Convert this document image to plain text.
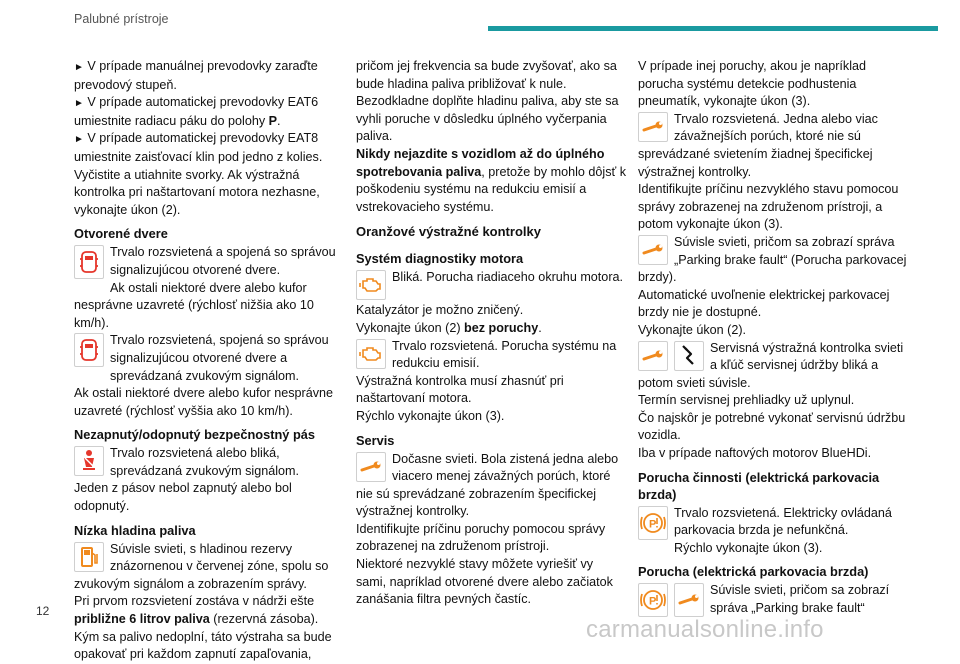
Palubné prístroje

► V prípade manuálnej prevodovky zaraďte prevodový stupeň.

► V prípade automatickej prevodovky EAT6 umiestnite radiacu páku do polohy P.

► V prípade automatickej prevodovky EAT8 umiestnite zaisťovací klin pod jedno z kolies.

Vyčistite a utiahnite svorky. Ak výstražná kontrolka pri naštartovaní motora nezhasne, vykonajte úkon (2).

Otvorené dvere

Trvalo rozsvietená a spojená so správou signalizujúcou otvorené dvere.

Ak ostali niektoré dvere alebo kufor nesprávne uzavreté (rýchlosť nižšia ako 10 km/h).

Trvalo rozsvietená, spojená so správou signalizujúcou otvorené dvere a sprevádzaná zvukovým signálom.

Ak ostali niektoré dvere alebo kufor nesprávne uzavreté (rýchlosť vyššia ako 10 km/h).

Nezapnutý/odopnutý bezpečnostný pás

Trvalo rozsvietená alebo bliká, sprevádzaná zvukovým signálom.

Jeden z pásov nebol zapnutý alebo bol odopnutý.

Nízka hladina paliva

Súvisle svieti, s hladinou rezervy znázornenou v červenej zóne, spolu so zvukovým signálom a zobrazením správy.

Pri prvom rozsvietení zostáva v nádrži ešte približne 6 litrov paliva (rezervná zásoba). Kým sa palivo nedoplní, táto výstraha sa bude opakovať pri každom zapnutí zapaľovania,

pričom jej frekvencia sa bude zvyšovať, ako sa bude hladina paliva približovať k nule.

Bezodkladne doplňte hladinu paliva, aby ste sa vyhli poruche v dôsledku úplného vyčerpania paliva.

Nikdy nejazdite s vozidlom až do úplného spotrebovania paliva, pretože by mohlo dôjsť k poškodeniu systému na redukciu emisií a vstrekovacieho systému.

Oranžové výstražné kontrolky
Systém diagnostiky motora

Bliká. Porucha riadiaceho okruhu motora.

Katalyzátor je možno zničený.

Vykonajte úkon (2) bez poruchy.

Trvalo rozsvietená. Porucha systému na redukciu emisií.

Výstražná kontrolka musí zhasnúť pri naštartovaní motora.

Rýchlo vykonajte úkon (3).

Servis

Dočasne svieti. Bola zistená jedna alebo viacero menej závažných porúch, ktoré nie sú sprevádzané zobrazením špecifickej výstražnej kontrolky.

Identifikujte príčinu poruchy pomocou správy zobrazenej na združenom prístroji.

Niektoré nezvyklé stavy môžete vyriešiť vy sami, napríklad otvorené dvere alebo začiatok zanášania filtra pevných častíc.

V prípade inej poruchy, akou je napríklad porucha systému detekcie podhustenia pneumatík, vykonajte úkon (3).

Trvalo rozsvietená. Jedna alebo viac závažnejších porúch, ktoré nie sú sprevádzané svietením žiadnej špecifickej výstražnej kontrolky.

Identifikujte príčinu nezvyklého stavu pomocou správy zobrazenej na združenom prístroji, a potom vykonajte úkon (3).

Súvisle svieti, pričom sa zobrazí správa „Parking brake fault“ (Porucha parkovacej brzdy).

Automatické uvoľnenie elektrickej parkovacej brzdy nie je dostupné.

Vykonajte úkon (2).

Servisná výstražná kontrolka svieti a kľúč servisnej údržby bliká a potom svieti súvisle.

Termín servisnej prehliadky už uplynul.

Čo najskôr je potrebné vykonať servisnú údržbu vozidla.

Iba v prípade naftových motorov BlueHDi.

Porucha činnosti (elektrická parkovacia brzda)
P

Trvalo rozsvietená. Elektricky ovládaná parkovacia brzda je nefunkčná.

Rýchlo vykonajte úkon (3).

Porucha (elektrická parkovacia brzda)
P

Súvisle svieti, pričom sa zobrazí správa „Parking brake fault“

12
carmanualsonline.info
